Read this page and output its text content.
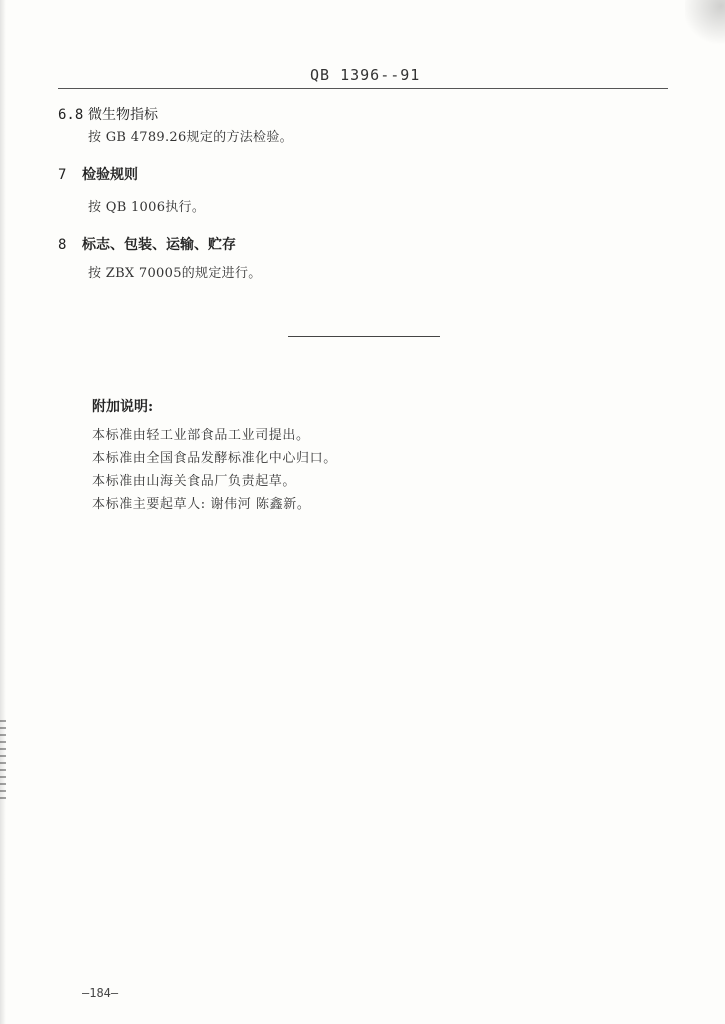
QB 1396--91

6.8 微生物指标

按 GB 4789.26规定的方法检验。

7 检验规则

按 QB 1006执行。

8 标志、包装、运输、贮存

按 ZBX 70005的规定进行。

附加说明:
本标准由轻工业部食品工业司提出。
本标准由全国食品发酵标准化中心归口。
本标准由山海关食品厂负责起草。
本标准主要起草人: 谢伟河 陈鑫新。

—184—
